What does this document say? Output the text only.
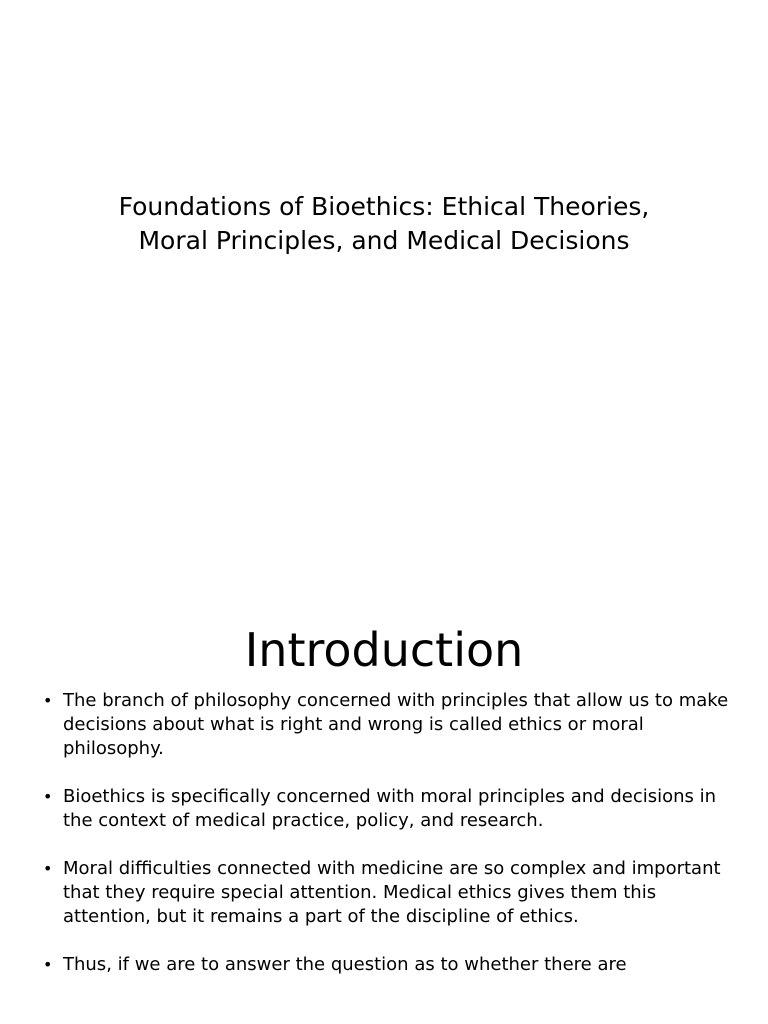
Foundations of Bioethics: Ethical Theories,
Moral Principles, and Medical Decisions
Introduction
• The branch of philosophy concerned with principles that allow us to make decisions about what is right and wrong is called ethics or moral philosophy.
• Bioethics is specifically concerned with moral principles and decisions in the context of medical practice, policy, and research.
• Moral difficulties connected with medicine are so complex and important that they require special attention. Medical ethics gives them this attention, but it remains a part of the discipline of ethics.
• Thus, if we are to answer the question as to whether there are
